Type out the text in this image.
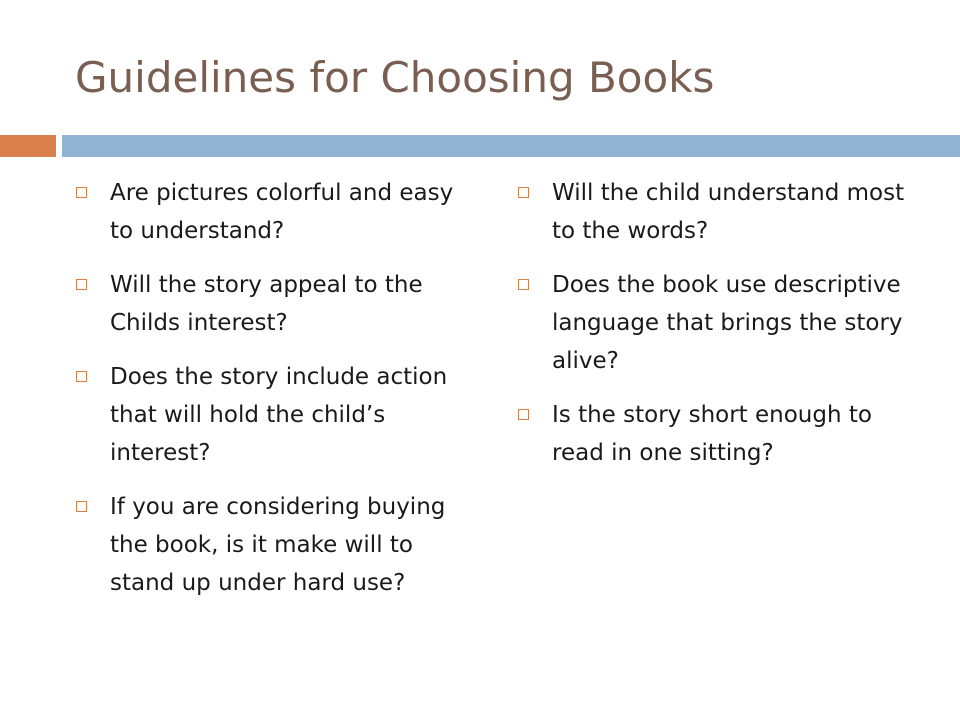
Guidelines for Choosing Books
Are pictures colorful and easy to understand?
Will the story appeal to the Childs interest?
Does the story include action that will hold the child’s interest?
If you are considering buying the book, is it make will to stand up under hard use?
Will the child understand most to the words?
Does the book use descriptive language that brings the story alive?
Is the story short enough to read in one sitting?
